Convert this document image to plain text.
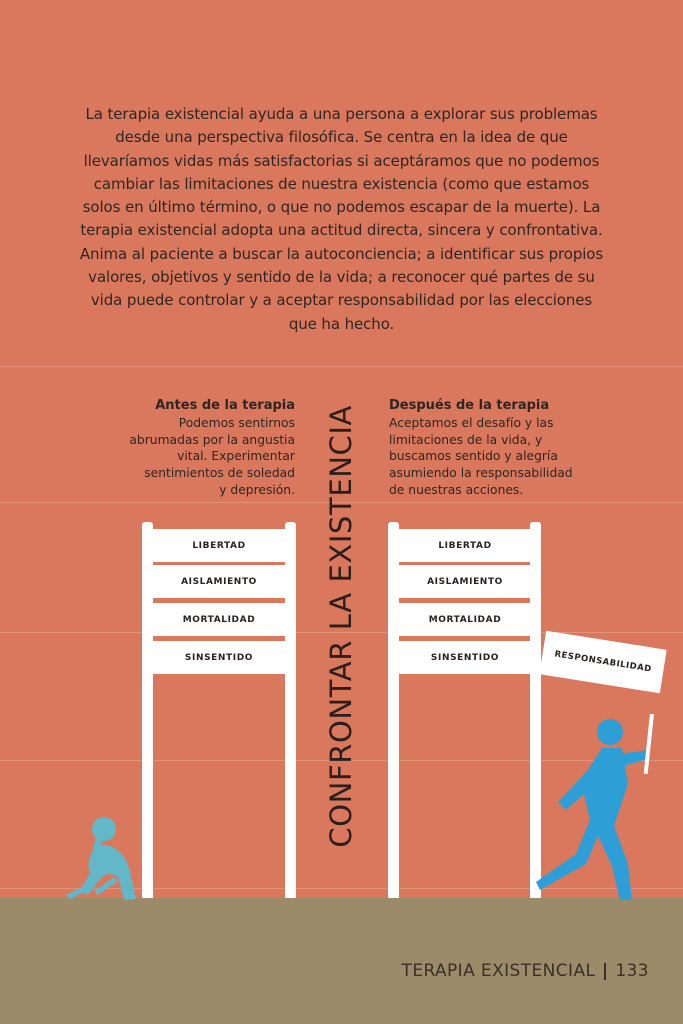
La terapia existencial ayuda a una persona a explorar sus problemas
desde una perspectiva filosófica. Se centra en la idea de que
llevaríamos vidas más satisfactorias si aceptáramos que no podemos
cambiar las limitaciones de nuestra existencia (como que estamos
solos en último término, o que no podemos escapar de la muerte). La
terapia existencial adopta una actitud directa, sincera y confrontativa.
Anima al paciente a buscar la autoconciencia; a identificar sus propios
valores, objetivos y sentido de la vida; a reconocer qué partes de su
vida puede controlar y a aceptar responsabilidad por las elecciones
que ha hecho.

Antes de la terapia
Podemos sentirnos
abrumadas por la angustia
vital. Experimentar
sentimientos de soledad
y depresión.
Después de la terapia
Aceptamos el desafío y las
limitaciones de la vida, y
buscamos sentido y alegría
asumiendo la responsabilidad
de nuestras acciones.
CONFRONTAR LA EXISTENCIA
LIBERTAD
AISLAMIENTO
MORTALIDAD
SINSENTIDO
LIBERTAD
AISLAMIENTO
MORTALIDAD
SINSENTIDO	RESPONSABILIDAD
TERAPIA EXISTENCIAL 133
